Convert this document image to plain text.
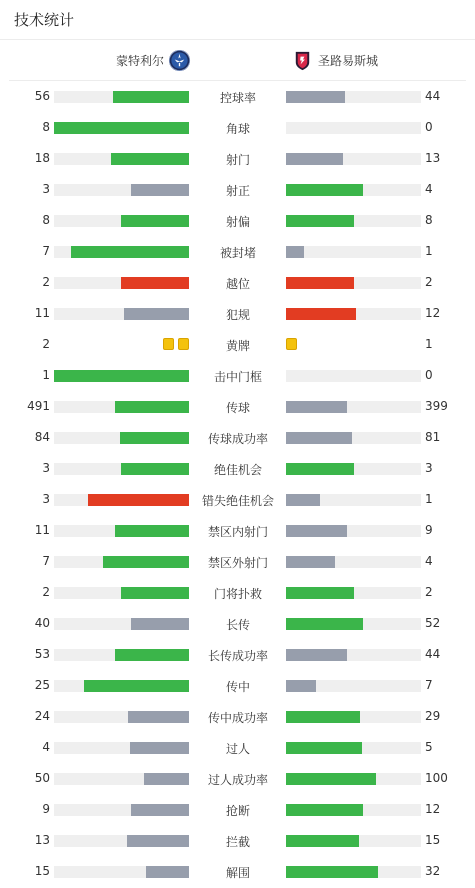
技术统计
蒙特利尔	圣路易斯城
56	控球率	44
8	角球	0
18	射门	13
3	射正	4
8	射偏	8
7	被封堵	1
2	越位	2
11	犯规	12
2	黄牌	1
1	击中门框	0
491	传球	399
84	传球成功率	81
3	绝佳机会	3
3	错失绝佳机会	1
11	禁区内射门	9
7	禁区外射门	4
2	门将扑救	2
40	长传	52
53	长传成功率	44
25	传中	7
24	传中成功率	29
4	过人	5
50	过人成功率	100
9	抢断	12
13	拦截	15
15	解围	32
